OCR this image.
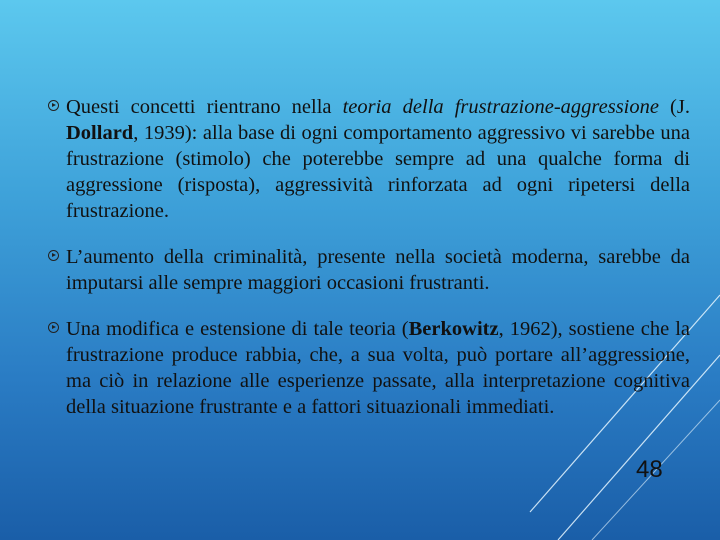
Questi concetti rientrano nella teoria della frustrazione-aggressione (J. Dollard, 1939): alla base di ogni comportamento aggressivo vi sarebbe una frustrazione (stimolo) che poterebbe sempre ad una qualche forma di aggressione (risposta), aggressività rinforzata ad ogni ripetersi della frustrazione.
L’aumento della criminalità, presente nella società moderna, sarebbe da imputarsi alle sempre maggiori occasioni frustranti.
Una modifica e estensione di tale teoria (Berkowitz, 1962), sostiene che la frustrazione produce rabbia, che, a sua volta, può portare all’aggressione, ma ciò in relazione alle esperienze passate, alla interpretazione cognitiva della situazione frustrante e a fattori situazionali immediati.
48
